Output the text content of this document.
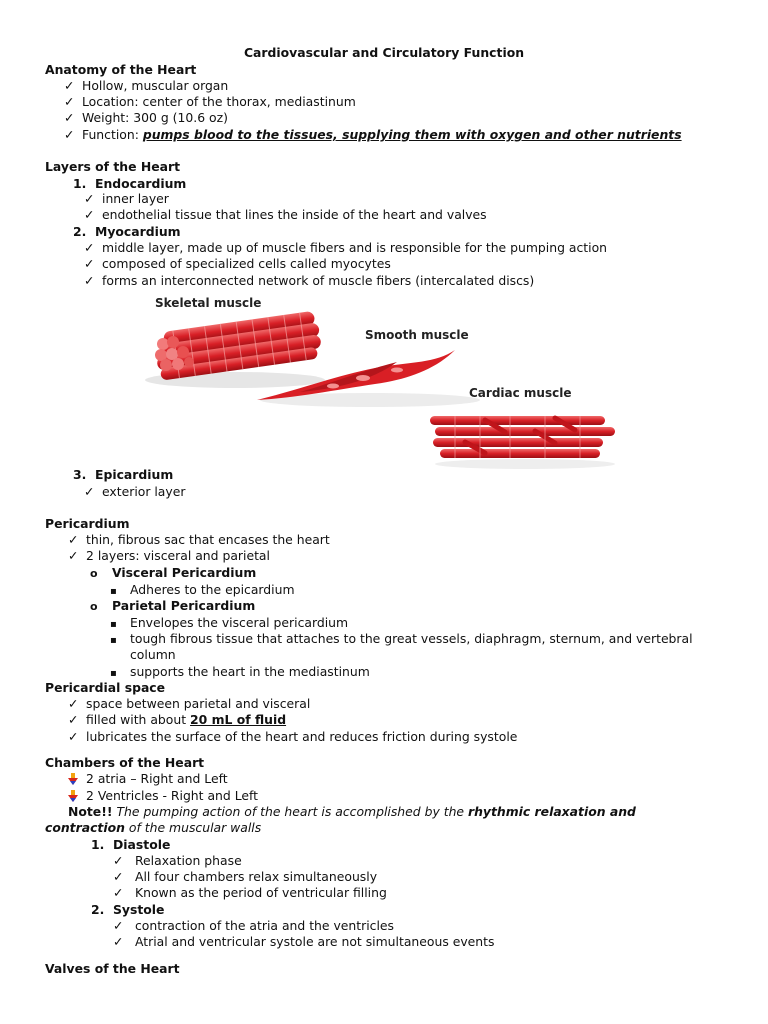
Cardiovascular and Circulatory Function
Anatomy of the Heart
✓ Hollow, muscular organ
✓ Location: center of the thorax, mediastinum
✓ Weight: 300 g (10.6 oz)
✓ Function: pumps blood to the tissues, supplying them with oxygen and other nutrients
Layers of the Heart
1. Endocardium
✓ inner layer
✓ endothelial tissue that lines the inside of the heart and valves
2. Myocardium
✓ middle layer, made up of muscle fibers and is responsible for the pumping action
✓ composed of specialized cells called myocytes
✓ forms an interconnected network of muscle fibers (intercalated discs)
Skeletal muscle
Smooth muscle
Cardiac muscle
3. Epicardium
✓ exterior layer
Pericardium
✓ thin, fibrous sac that encases the heart
✓ 2 layers: visceral and parietal
o Visceral Pericardium
▪ Adheres to the epicardium
o Parietal Pericardium
▪ Envelopes the visceral pericardium
▪ tough fibrous tissue that attaches to the great vessels, diaphragm, sternum, and vertebral
column
▪ supports the heart in the mediastinum
Pericardial space
✓ space between parietal and visceral
✓ filled with about 20 mL of fluid
✓ lubricates the surface of the heart and reduces friction during systole
Chambers of the Heart
2 atria – Right and Left
2 Ventricles - Right and Left
Note!! The pumping action of the heart is accomplished by the rhythmic relaxation and
contraction of the muscular walls
1. Diastole
✓ Relaxation phase
✓ All four chambers relax simultaneously
✓ Known as the period of ventricular filling
2. Systole
✓ contraction of the atria and the ventricles
✓ Atrial and ventricular systole are not simultaneous events
Valves of the Heart
